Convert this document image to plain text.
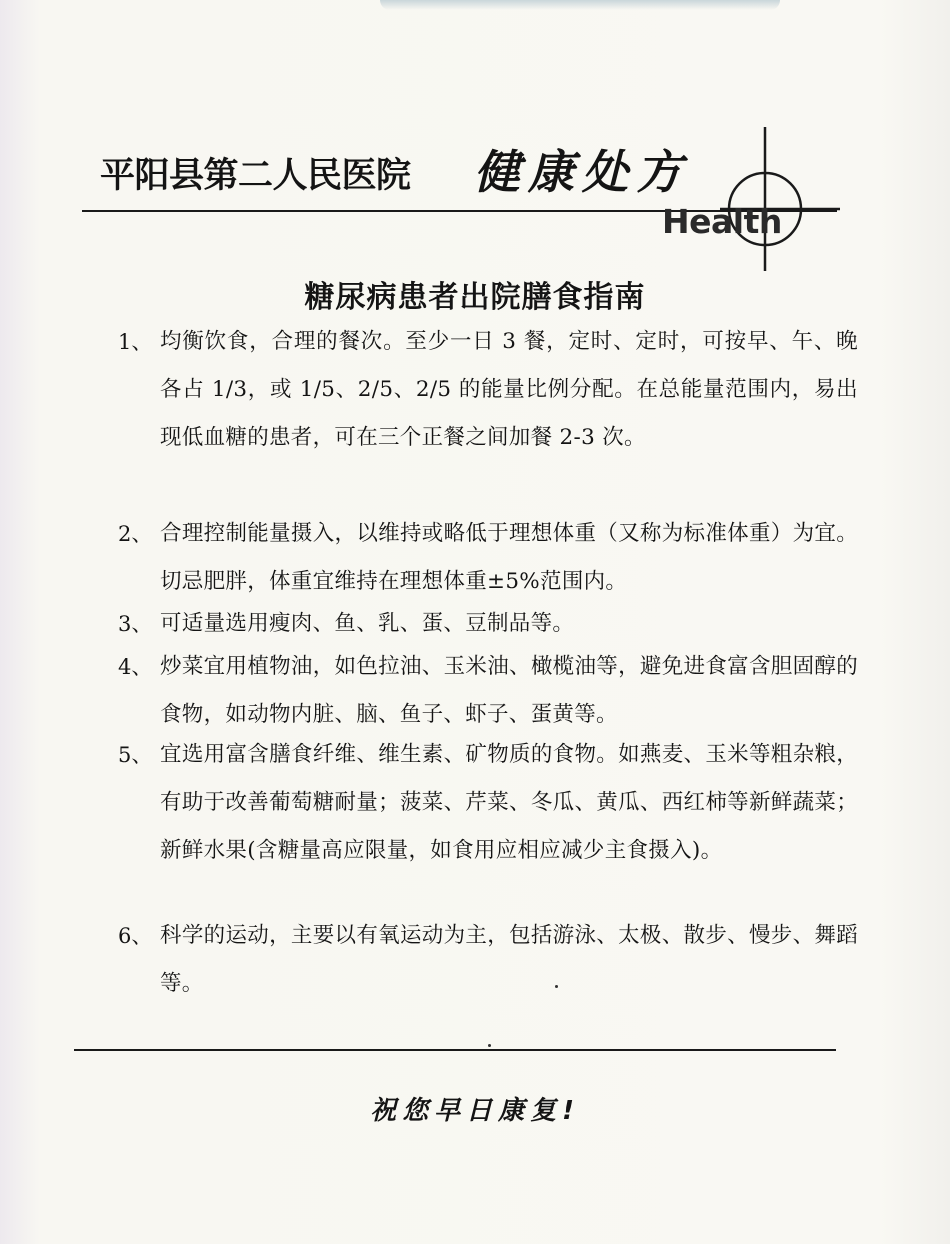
平阳县第二人民医院 健康处方
Health
糖尿病患者出院膳食指南
1、 均衡饮食，合理的餐次。至少一日 3 餐，定时、定时，可按早、午、晚各占 1/3，或 1/5、2/5、2/5 的能量比例分配。在总能量范围内，易出现低血糖的患者，可在三个正餐之间加餐 2-3 次。
2、 合理控制能量摄入，以维持或略低于理想体重（又称为标准体重）为宜。切忌肥胖，体重宜维持在理想体重±5%范围内。
3、 可适量选用瘦肉、鱼、乳、蛋、豆制品等。
4、 炒菜宜用植物油，如色拉油、玉米油、橄榄油等，避免进食富含胆固醇的食物，如动物内脏、脑、鱼子、虾子、蛋黄等。
5、 宜选用富含膳食纤维、维生素、矿物质的食物。如燕麦、玉米等粗杂粮，有助于改善葡萄糖耐量；菠菜、芹菜、冬瓜、黄瓜、西红柿等新鲜蔬菜；新鲜水果(含糖量高应限量，如食用应相应减少主食摄入)。
6、 科学的运动，主要以有氧运动为主，包括游泳、太极、散步、慢步、舞蹈等。
祝您早日康复!
